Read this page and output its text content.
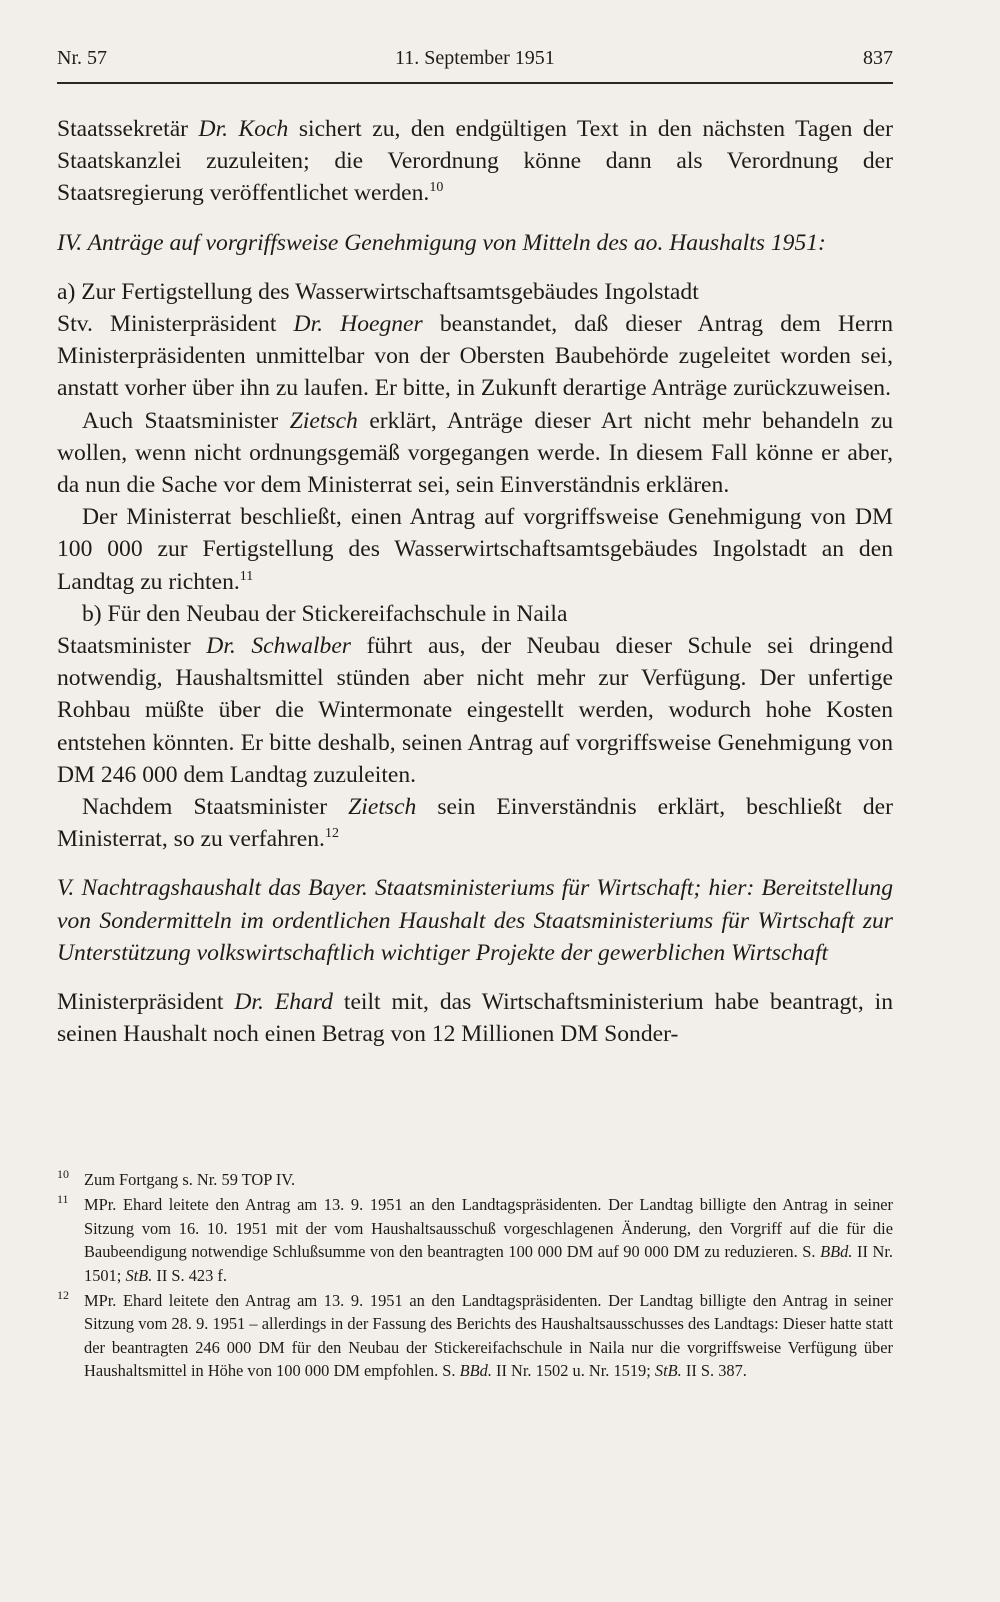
Nr. 57	11. September 1951	837

Staatssekretär Dr. Koch sichert zu, den endgültigen Text in den nächsten Tagen der Staatskanzlei zuzuleiten; die Verordnung könne dann als Verordnung der Staatsregierung veröffentlichet werden.$^{10}$

IV. Anträge auf vorgriffsweise Genehmigung von Mitteln des ao. Haushalts 1951:

a) Zur Fertigstellung des Wasserwirtschaftsamtsgebäudes Ingolstadt

Stv. Ministerpräsident Dr. Hoegner beanstandet, daß dieser Antrag dem Herrn Ministerpräsidenten unmittelbar von der Obersten Baubehörde zugeleitet worden sei, anstatt vorher über ihn zu laufen. Er bitte, in Zukunft derartige Anträge zurückzuweisen.

Auch Staatsminister Zietsch erklärt, Anträge dieser Art nicht mehr behandeln zu wollen, wenn nicht ordnungsgemäß vorgegangen werde. In diesem Fall könne er aber, da nun die Sache vor dem Ministerrat sei, sein Einverständnis erklären.

Der Ministerrat beschließt, einen Antrag auf vorgriffsweise Genehmigung von DM 100 000 zur Fertigstellung des Wasserwirtschaftsamtsgebäudes Ingolstadt an den Landtag zu richten.$^{11}$

b) Für den Neubau der Stickereifachschule in Naila

Staatsminister Dr. Schwalber führt aus, der Neubau dieser Schule sei dringend notwendig, Haushaltsmittel stünden aber nicht mehr zur Verfügung. Der unfertige Rohbau müßte über die Wintermonate eingestellt werden, wodurch hohe Kosten entstehen könnten. Er bitte deshalb, seinen Antrag auf vorgriffsweise Genehmigung von DM 246 000 dem Landtag zuzuleiten.

Nachdem Staatsminister Zietsch sein Einverständnis erklärt, beschließt der Ministerrat, so zu verfahren.$^{12}$

V. Nachtragshaushalt das Bayer. Staatsministeriums für Wirtschaft; hier: Bereitstellung von Sondermitteln im ordentlichen Haushalt des Staatsministeriums für Wirtschaft zur Unterstützung volkswirtschaftlich wichtiger Projekte der gewerblichen Wirtschaft

Ministerpräsident Dr. Ehard teilt mit, das Wirtschaftsministerium habe beantragt, in seinen Haushalt noch einen Betrag von 12 Millionen DM Sonder-

10 Zum Fortgang s. Nr. 59 TOP IV.

11 MPr. Ehard leitete den Antrag am 13. 9. 1951 an den Landtagspräsidenten. Der Landtag billigte den Antrag in seiner Sitzung vom 16. 10. 1951 mit der vom Haushaltsausschuß vorgeschlagenen Änderung, den Vorgriff auf die für die Baubeendigung notwendige Schlußsumme von den beantragten 100 000 DM auf 90 000 DM zu reduzieren. S. BBd. II Nr. 1501; StB. II S. 423 f.

12 MPr. Ehard leitete den Antrag am 13. 9. 1951 an den Landtagspräsidenten. Der Landtag billigte den Antrag in seiner Sitzung vom 28. 9. 1951 – allerdings in der Fassung des Berichts des Haushaltsausschusses des Landtags: Dieser hatte statt der beantragten 246 000 DM für den Neubau der Stickereifachschule in Naila nur die vorgriffsweise Verfügung über Haushaltsmittel in Höhe von 100 000 DM empfohlen. S. BBd. II Nr. 1502 u. Nr. 1519; StB. II S. 387.
